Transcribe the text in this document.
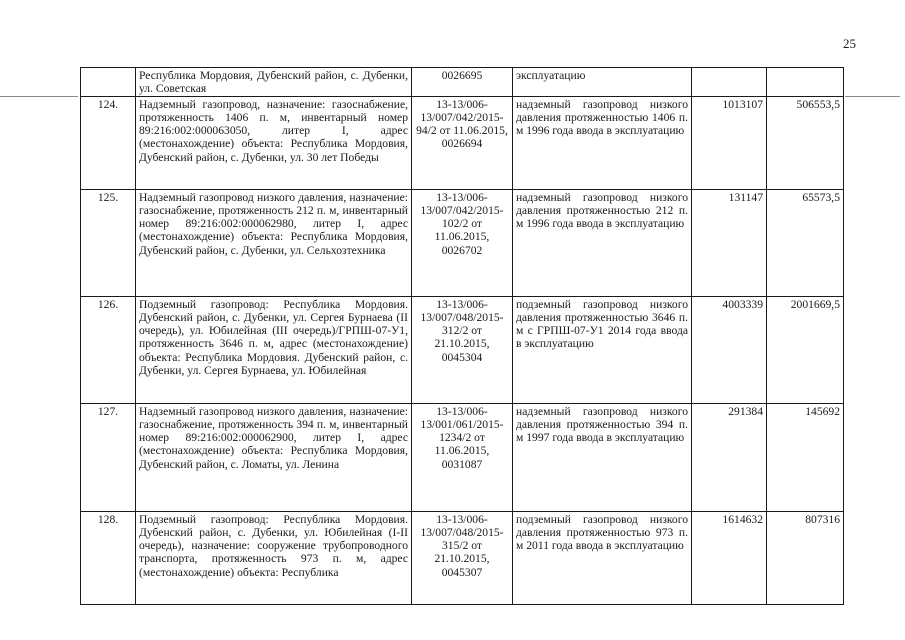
25
	Республика Мордовия, Дубенский район, с. Дубенки, ул. Советская	0026695	эксплуатацию		
124.	Надземный газопровод, назначение: газоснабжение, протяженность 1406 п. м, инвентарный номер 89:216:002:000063050, литер I, адрес (местонахождение) объекта: Республика Мордовия, Дубенский район, с. Дубенки, ул. 30 лет Победы	13-13/006-13/007/042/2015-94/2 от 11.06.2015, 0026694	надземный газопровод низкого давления протяженностью 1406 п. м 1996 года ввода в эксплуатацию	1013107	506553,5
125.	Надземный газопровод низкого давления, назначение: газоснабжение, протяженность 212 п. м, инвентарный номер 89:216:002:000062980, литер I, адрес (местонахождение) объекта: Республика Мордовия, Дубенский район, с. Дубенки, ул. Сельхозтехника	13-13/006-13/007/042/2015-102/2 от 11.06.2015, 0026702	надземный газопровод низкого давления протяженностью 212 п. м 1996 года ввода в эксплуатацию	131147	65573,5
126.	Подземный газопровод: Республика Мордовия. Дубенский район, с. Дубенки, ул. Сергея Бурнаева (II очередь), ул. Юбилейная (III очередь)/ГРПШ-07-У1, протяженность 3646 п. м, адрес (местонахождение) объекта: Республика Мордовия. Дубенский район, с. Дубенки, ул. Сергея Бурнаева, ул. Юбилейная	13-13/006-13/007/048/2015-312/2 от 21.10.2015, 0045304	подземный газопровод низкого давления протяженностью 3646 п. м с ГРПШ-07-У1 2014 года ввода в эксплуатацию	4003339	2001669,5
127.	Надземный газопровод низкого давления, назначение: газоснабжение, протяженность 394 п. м, инвентарный номер 89:216:002:000062900, литер I, адрес (местонахождение) объекта: Республика Мордовия, Дубенский район, с. Ломаты, ул. Ленина	13-13/006-13/001/061/2015-1234/2 от 11.06.2015, 0031087	надземный газопровод низкого давления протяженностью 394 п. м 1997 года ввода в эксплуатацию	291384	145692
128.	Подземный газопровод: Республика Мордовия. Дубенский район, с. Дубенки, ул. Юбилейная (I-II очередь), назначение: сооружение трубопроводного транспорта, протяженность 973 п. м, адрес (местонахождение) объекта: Республика	13-13/006-13/007/048/2015-315/2 от 21.10.2015, 0045307	подземный газопровод низкого давления протяженностью 973 п. м 2011 года ввода в эксплуатацию	1614632	807316
